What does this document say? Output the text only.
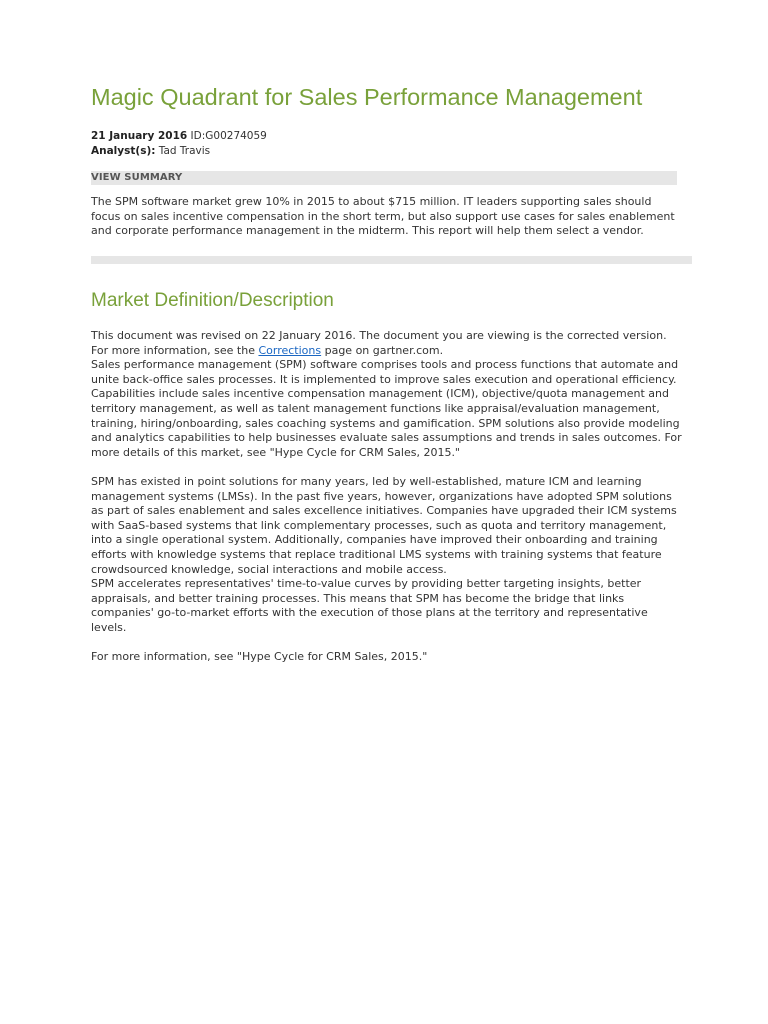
Magic Quadrant for Sales Performance Management
21 January 2016 ID:G00274059
Analyst(s): Tad Travis
VIEW SUMMARY
The SPM software market grew 10% in 2015 to about $715 million. IT leaders supporting sales should focus on sales incentive compensation in the short term, but also support use cases for sales enablement and corporate performance management in the midterm. This report will help them select a vendor.
Market Definition/Description

This document was revised on 22 January 2016. The document you are viewing is the corrected version. For more information, see the Corrections page on gartner.com.

Sales performance management (SPM) software comprises tools and process functions that automate and unite back-office sales processes. It is implemented to improve sales execution and operational efficiency. Capabilities include sales incentive compensation management (ICM), objective/quota management and territory management, as well as talent management functions like appraisal/evaluation management, training, hiring/onboarding, sales coaching systems and gamification. SPM solutions also provide modeling and analytics capabilities to help businesses evaluate sales assumptions and trends in sales outcomes. For more details of this market, see "Hype Cycle for CRM Sales, 2015."

SPM has existed in point solutions for many years, led by well-established, mature ICM and learning management systems (LMSs). In the past five years, however, organizations have adopted SPM solutions as part of sales enablement and sales excellence initiatives. Companies have upgraded their ICM systems with SaaS-based systems that link complementary processes, such as quota and territory management, into a single operational system. Additionally, companies have improved their onboarding and training efforts with knowledge systems that replace traditional LMS systems with training systems that feature crowdsourced knowledge, social interactions and mobile access.

SPM accelerates representatives' time-to-value curves by providing better targeting insights, better appraisals, and better training processes. This means that SPM has become the bridge that links companies' go-to-market efforts with the execution of those plans at the territory and representative levels.

For more information, see "Hype Cycle for CRM Sales, 2015."
